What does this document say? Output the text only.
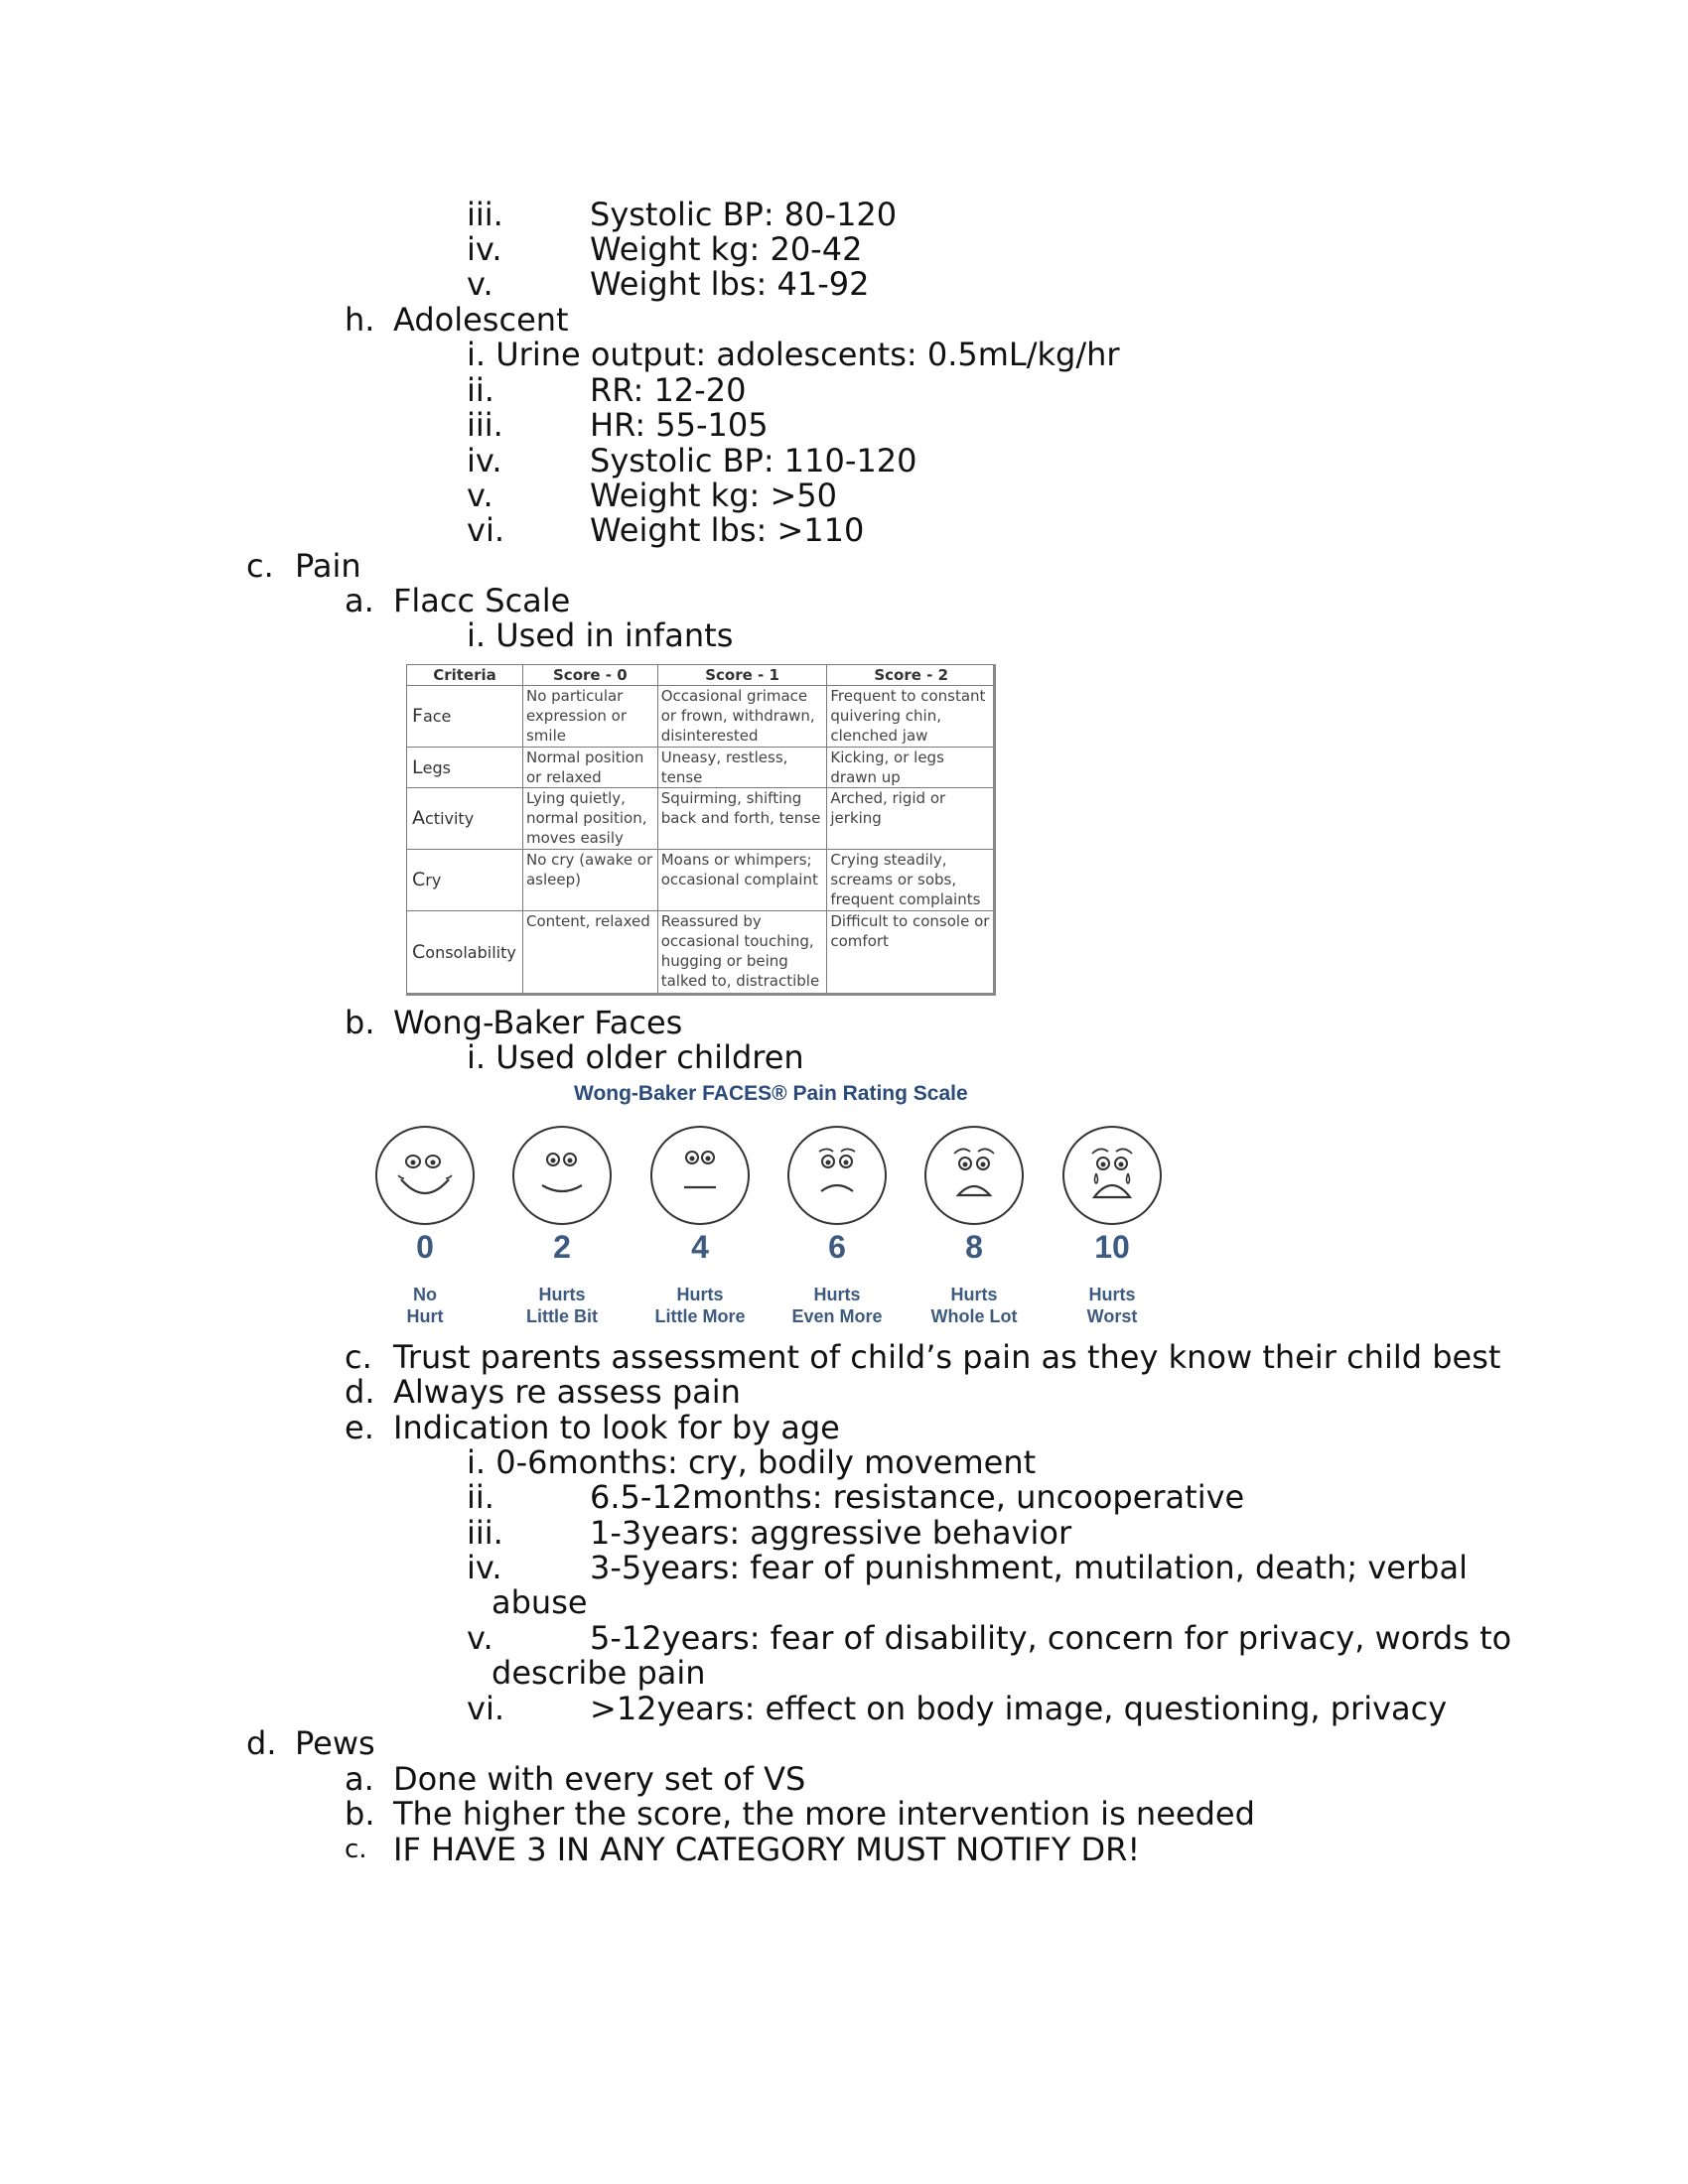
iii.	Systolic BP: 80-120
iv.	Weight kg: 20-42
v.	Weight lbs: 41-92
h. Adolescent
i. Urine output: adolescents: 0.5mL/kg/hr
ii.	RR: 12-20
iii.	HR: 55-105
iv.	Systolic BP: 110-120
v.	Weight kg: >50
vi.	Weight lbs: >110
c. Pain
a. Flacc Scale
i. Used in infants
Criteria	Score - 0	Score - 1	Score - 2
Face	No particular expression or smile	Occasional grimace or frown, withdrawn, disinterested	Frequent to constant quivering chin, clenched jaw
Legs	Normal position or relaxed	Uneasy, restless, tense	Kicking, or legs drawn up
Activity	Lying quietly, normal position, moves easily	Squirming, shifting back and forth, tense	Arched, rigid or jerking
Cry	No cry (awake or asleep)	Moans or whimpers; occasional complaint	Crying steadily, screams or sobs, frequent complaints
Consolability	Content, relaxed	Reassured by occasional touching, hugging or being talked to, distractible	Difficult to console or comfort
b. Wong-Baker Faces
i. Used older children
Wong-Baker FACES® Pain Rating Scale
0	2	4	6	8	10
No
Hurt
Hurts
Little Bit
Hurts
Little More
Hurts
Even More
Hurts
Whole Lot
Hurts
Worst
c. Trust parents assessment of child’s pain as they know their child best
d. Always re assess pain
e. Indication to look for by age
i. 0-6months: cry, bodily movement
ii.	6.5-12months: resistance, uncooperative
iii.	1-3years: aggressive behavior
iv.	3-5years: fear of punishment, mutilation, death; verbal
abuse
v.	5-12years: fear of disability, concern for privacy, words to
describe pain
vi.	>12years: effect on body image, questioning, privacy
d. Pews
a. Done with every set of VS
b. The higher the score, the more intervention is needed
c. IF HAVE 3 IN ANY CATEGORY MUST NOTIFY DR!
